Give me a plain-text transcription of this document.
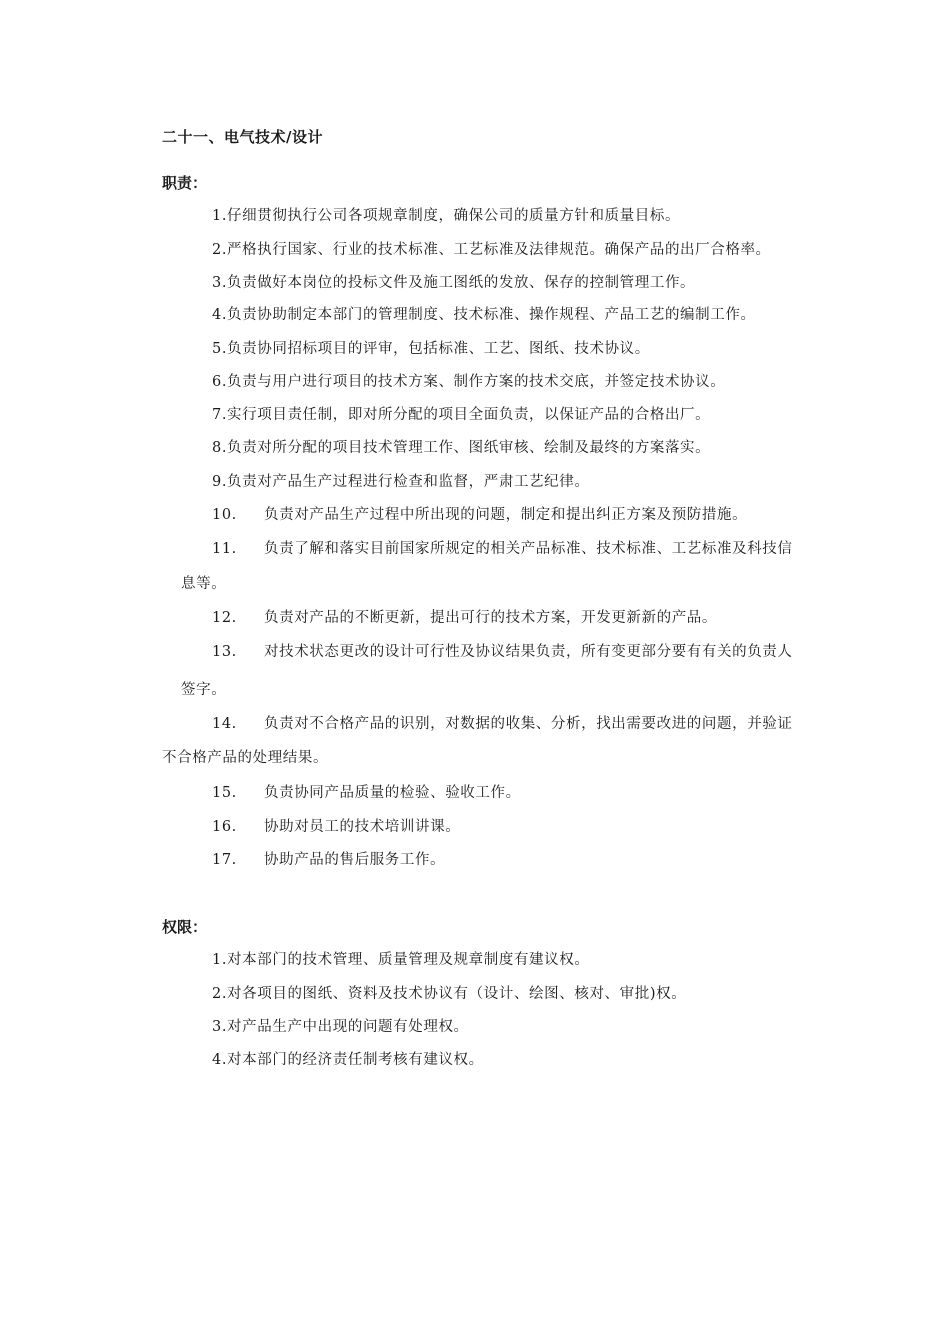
二十一、电气技术/设计
职责：
1.仔细贯彻执行公司各项规章制度，确保公司的质量方针和质量目标。
2.严格执行国家、行业的技术标准、工艺标准及法律规范。确保产品的出厂合格率。
3.负责做好本岗位的投标文件及施工图纸的发放、保存的控制管理工作。
4.负责协助制定本部门的管理制度、技术标准、操作规程、产品工艺的编制工作。
5.负责协同招标项目的评审，包括标准、工艺、图纸、技术协议。
6.负责与用户进行项目的技术方案、制作方案的技术交底，并签定技术协议。
7.实行项目责任制，即对所分配的项目全面负责，以保证产品的合格出厂。
8.负责对所分配的项目技术管理工作、图纸审核、绘制及最终的方案落实。
9.负责对产品生产过程进行检查和监督，严肃工艺纪律。
10. 负责对产品生产过程中所出现的问题，制定和提出纠正方案及预防措施。
11. 负责了解和落实目前国家所规定的相关产品标准、技术标准、工艺标准及科技信
息等。
12. 负责对产品的不断更新，提出可行的技术方案，开发更新新的产品。
13. 对技术状态更改的设计可行性及协议结果负责，所有变更部分要有有关的负责人
签字。
14. 负责对不合格产品的识别，对数据的收集、分析，找出需要改进的问题，并验证
不合格产品的处理结果。
15. 负责协同产品质量的检验、验收工作。
16. 协助对员工的技术培训讲课。
17. 协助产品的售后服务工作。
权限：
1.对本部门的技术管理、质量管理及规章制度有建议权。
2.对各项目的图纸、资料及技术协议有（设计、绘图、核对、审批)权。
3.对产品生产中出现的问题有处理权。
4.对本部门的经济责任制考核有建议权。
